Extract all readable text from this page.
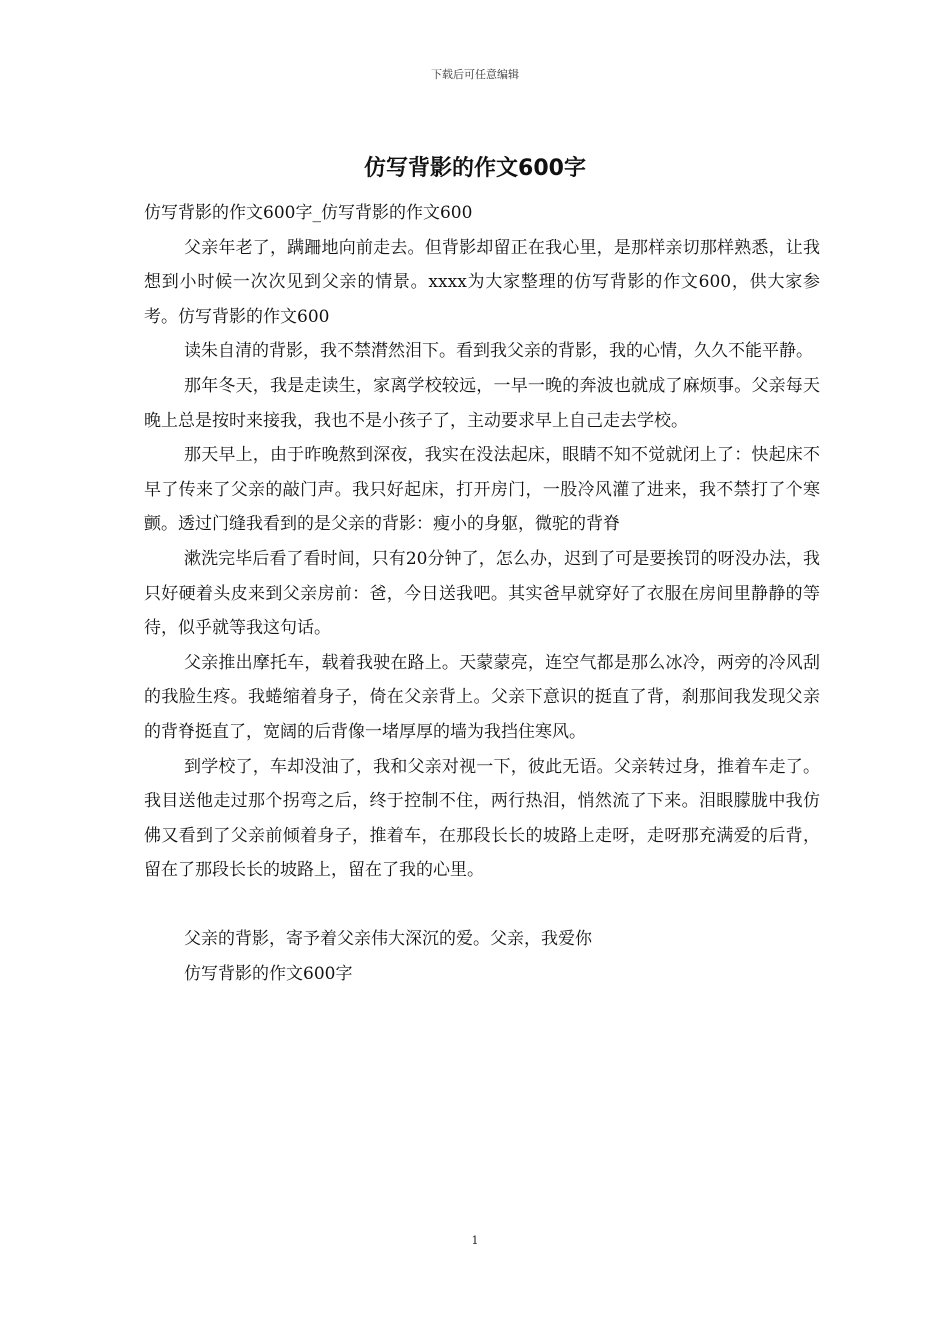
下载后可任意编辑
仿写背影的作文600字

仿写背影的作文600字_仿写背影的作文600

父亲年老了，蹒跚地向前走去。但背影却留正在我心里，是那样亲切那样熟悉，让我想到小时候一次次见到父亲的情景。xxxx为大家整理的仿写背影的作文600，供大家参考。仿写背影的作文600

读朱自清的背影，我不禁潸然泪下。看到我父亲的背影，我的心情，久久不能平静。

那年冬天，我是走读生，家离学校较远，一早一晚的奔波也就成了麻烦事。父亲每天晚上总是按时来接我，我也不是小孩子了，主动要求早上自己走去学校。

那天早上，由于昨晚熬到深夜，我实在没法起床，眼睛不知不觉就闭上了：快起床不早了传来了父亲的敲门声。我只好起床，打开房门，一股冷风灌了进来，我不禁打了个寒颤。透过门缝我看到的是父亲的背影：瘦小的身躯，微驼的背脊

漱洗完毕后看了看时间，只有20分钟了，怎么办，迟到了可是要挨罚的呀没办法，我只好硬着头皮来到父亲房前：爸，今日送我吧。其实爸早就穿好了衣服在房间里静静的等待，似乎就等我这句话。

父亲推出摩托车，载着我驶在路上。天蒙蒙亮，连空气都是那么冰冷，两旁的冷风刮的我脸生疼。我蜷缩着身子，倚在父亲背上。父亲下意识的挺直了背，刹那间我发现父亲的背脊挺直了，宽阔的后背像一堵厚厚的墙为我挡住寒风。

到学校了，车却没油了，我和父亲对视一下，彼此无语。父亲转过身，推着车走了。我目送他走过那个拐弯之后，终于控制不住，两行热泪，悄然流了下来。泪眼朦胧中我仿佛又看到了父亲前倾着身子，推着车，在那段长长的坡路上走呀，走呀那充满爱的后背，留在了那段长长的坡路上，留在了我的心里。

父亲的背影，寄予着父亲伟大深沉的爱。父亲，我爱你

仿写背影的作文600字

1
